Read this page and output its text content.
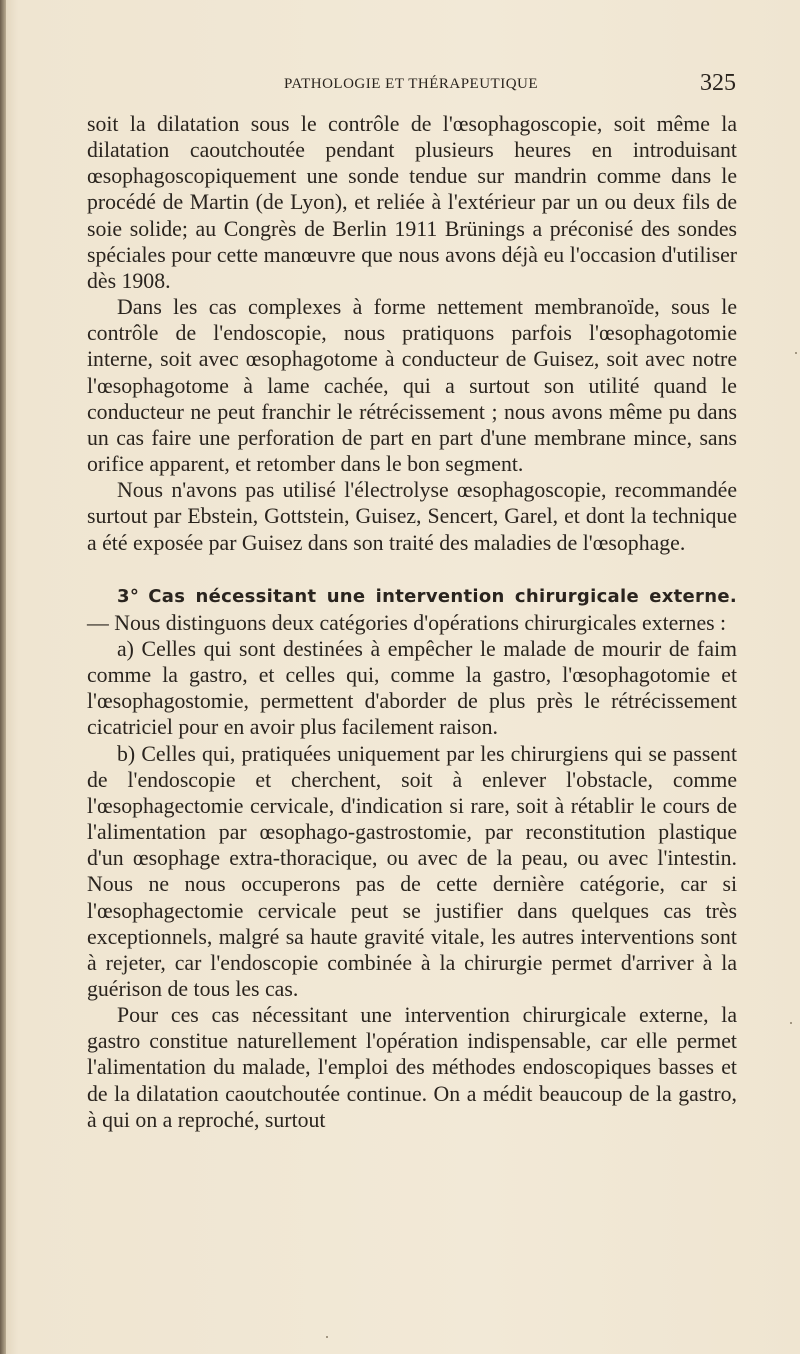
PATHOLOGIE ET THÉRAPEUTIQUE	325

soit la dilatation sous le contrôle de l'œsophagoscopie, soit même la dilatation caoutchoutée pendant plusieurs heures en introduisant œsophagoscopiquement une sonde tendue sur mandrin comme dans le procédé de Martin (de Lyon), et reliée à l'extérieur par un ou deux fils de soie solide; au Congrès de Berlin 1911 Brünings a préconisé des sondes spéciales pour cette manœuvre que nous avons déjà eu l'occasion d'utiliser dès 1908.

Dans les cas complexes à forme nettement membranoïde, sous le contrôle de l'endoscopie, nous pratiquons parfois l'œsophagotomie interne, soit avec œsophagotome à conducteur de Guisez, soit avec notre l'œsophagotome à lame cachée, qui a surtout son utilité quand le conducteur ne peut franchir le rétrécissement ; nous avons même pu dans un cas faire une perforation de part en part d'une membrane mince, sans orifice apparent, et retomber dans le bon segment.

Nous n'avons pas utilisé l'électrolyse œsophagoscopie, recommandée surtout par Ebstein, Gottstein, Guisez, Sencert, Garel, et dont la technique a été exposée par Guisez dans son traité des maladies de l'œsophage.

3° Cas nécessitant une intervention chirurgicale externe. — Nous distinguons deux catégories d'opérations chirurgicales externes :

a) Celles qui sont destinées à empêcher le malade de mourir de faim comme la gastro, et celles qui, comme la gastro, l'œsophagotomie et l'œsophagostomie, permettent d'aborder de plus près le rétrécissement cicatriciel pour en avoir plus facilement raison.

b) Celles qui, pratiquées uniquement par les chirurgiens qui se passent de l'endoscopie et cherchent, soit à enlever l'obstacle, comme l'œsophagectomie cervicale, d'indication si rare, soit à rétablir le cours de l'alimentation par œsophago-gastrostomie, par reconstitution plastique d'un œsophage extra-thoracique, ou avec de la peau, ou avec l'intestin. Nous ne nous occuperons pas de cette dernière catégorie, car si l'œsophagectomie cervicale peut se justifier dans quelques cas très exceptionnels, malgré sa haute gravité vitale, les autres interventions sont à rejeter, car l'endoscopie combinée à la chirurgie permet d'arriver à la guérison de tous les cas.

Pour ces cas nécessitant une intervention chirurgicale externe, la gastro constitue naturellement l'opération indispensable, car elle permet l'alimentation du malade, l'emploi des méthodes endoscopiques basses et de la dilatation caoutchoutée continue. On a médit beaucoup de la gastro, à qui on a reproché, surtout
